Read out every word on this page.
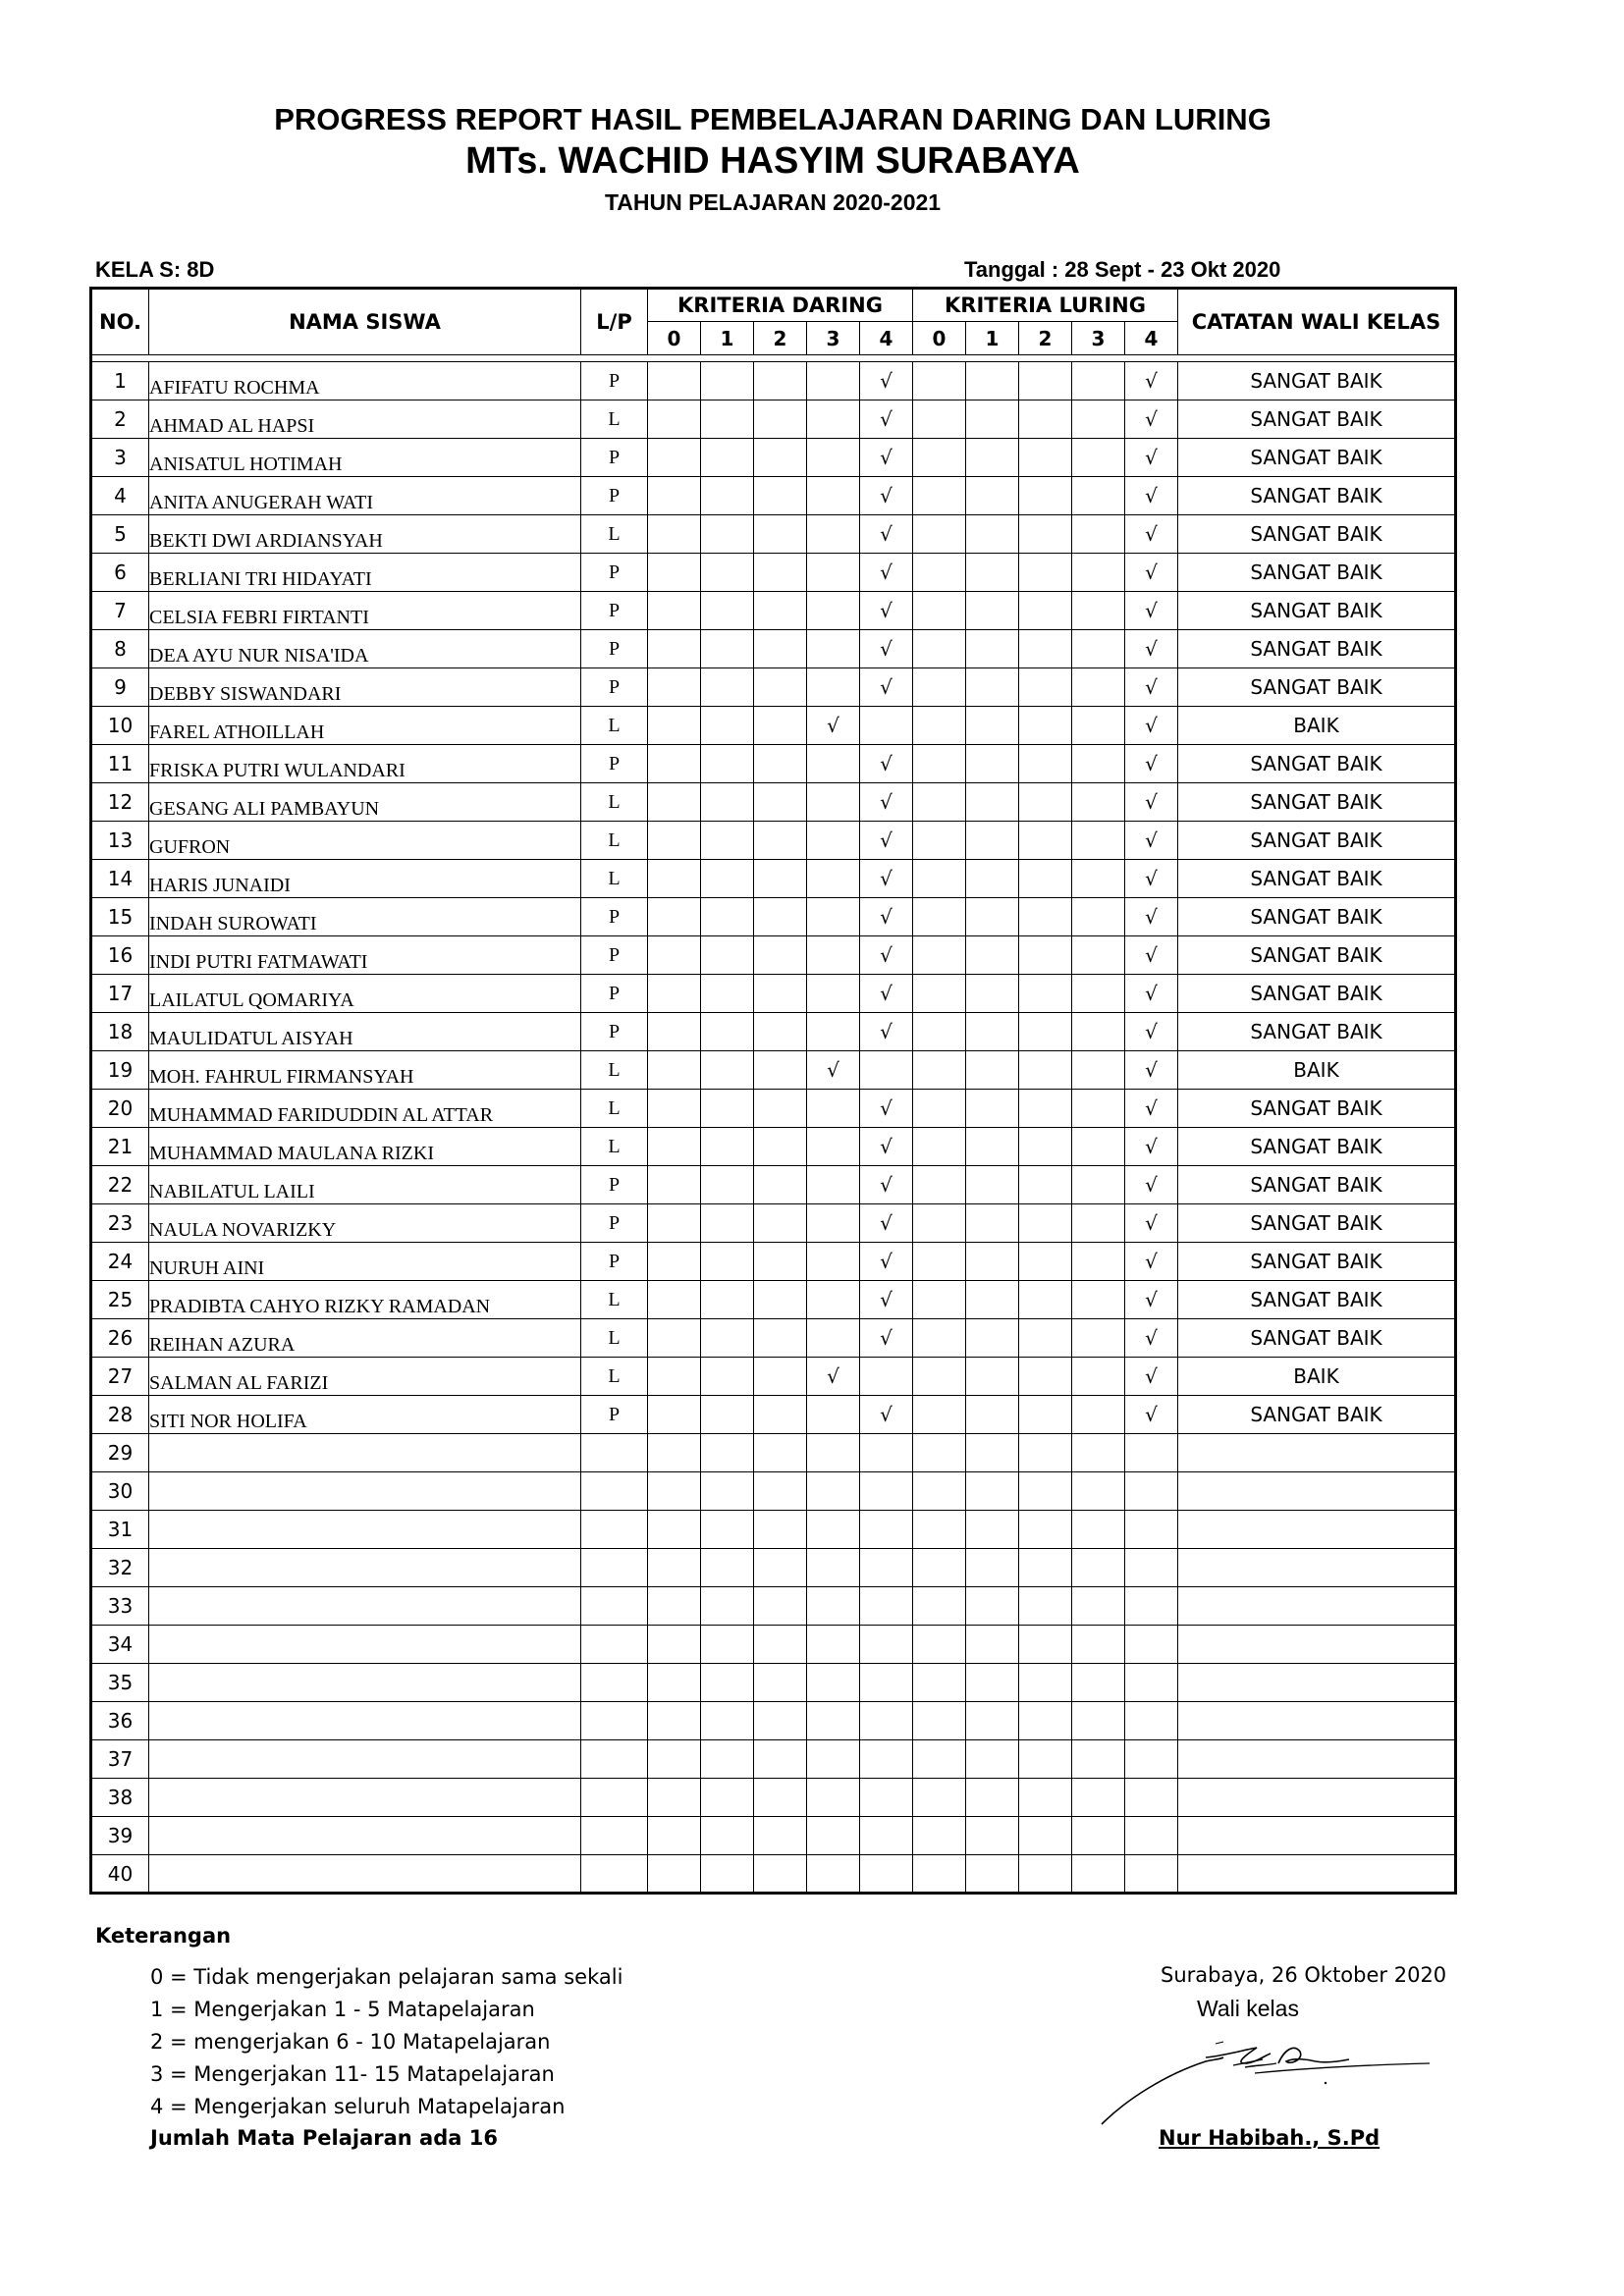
PROGRESS REPORT HASIL PEMBELAJARAN DARING DAN LURING
MTs. WACHID HASYIM SURABAYA
TAHUN PELAJARAN 2020-2021
KELA S: 8D	Tanggal : 28 Sept - 23 Okt 2020
NO.	NAMA SISWA	L/P	KRITERIA DARING					KRITERIA LURING					CATATAN WALI KELAS
			0	1	2	3	4	0	1	2	3	4	

1	AFIFATU ROCHMA	P					√					√	SANGAT BAIK
2	AHMAD AL HAPSI	L					√					√	SANGAT BAIK
3	ANISATUL HOTIMAH	P					√					√	SANGAT BAIK
4	ANITA ANUGERAH WATI	P					√					√	SANGAT BAIK
5	BEKTI DWI ARDIANSYAH	L					√					√	SANGAT BAIK
6	BERLIANI TRI HIDAYATI	P					√					√	SANGAT BAIK
7	CELSIA FEBRI FIRTANTI	P					√					√	SANGAT BAIK
8	DEA AYU NUR NISA'IDA	P					√					√	SANGAT BAIK
9	DEBBY SISWANDARI	P					√					√	SANGAT BAIK
10	FAREL ATHOILLAH	L				√						√	BAIK
11	FRISKA PUTRI WULANDARI	P					√					√	SANGAT BAIK
12	GESANG ALI PAMBAYUN	L					√					√	SANGAT BAIK
13	GUFRON	L					√					√	SANGAT BAIK
14	HARIS JUNAIDI	L					√					√	SANGAT BAIK
15	INDAH SUROWATI	P					√					√	SANGAT BAIK
16	INDI PUTRI FATMAWATI	P					√					√	SANGAT BAIK
17	LAILATUL QOMARIYA	P					√					√	SANGAT BAIK
18	MAULIDATUL AISYAH	P					√					√	SANGAT BAIK
19	MOH. FAHRUL FIRMANSYAH	L				√						√	BAIK
20	MUHAMMAD FARIDUDDIN AL ATTAR	L					√					√	SANGAT BAIK
21	MUHAMMAD MAULANA RIZKI	L					√					√	SANGAT BAIK
22	NABILATUL LAILI	P					√					√	SANGAT BAIK
23	NAULA NOVARIZKY	P					√					√	SANGAT BAIK
24	NURUH AINI	P					√					√	SANGAT BAIK
25	PRADIBTA CAHYO RIZKY RAMADAN	L					√					√	SANGAT BAIK
26	REIHAN AZURA	L					√					√	SANGAT BAIK
27	SALMAN AL FARIZI	L				√						√	BAIK
28	SITI NOR HOLIFA	P					√					√	SANGAT BAIK
29													
30													
31													
32													
33													
34													
35													
36													
37													
38													
39													
40													
Keterangan
0 = Tidak mengerjakan pelajaran sama sekali
1 = Mengerjakan 1 - 5 Matapelajaran
2 = mengerjakan 6 - 10 Matapelajaran
3 = Mengerjakan 11- 15 Matapelajaran
4 = Mengerjakan seluruh Matapelajaran
Jumlah Mata Pelajaran ada 16
Surabaya, 26 Oktober 2020
Wali kelas
Nur Habibah., S.Pd
